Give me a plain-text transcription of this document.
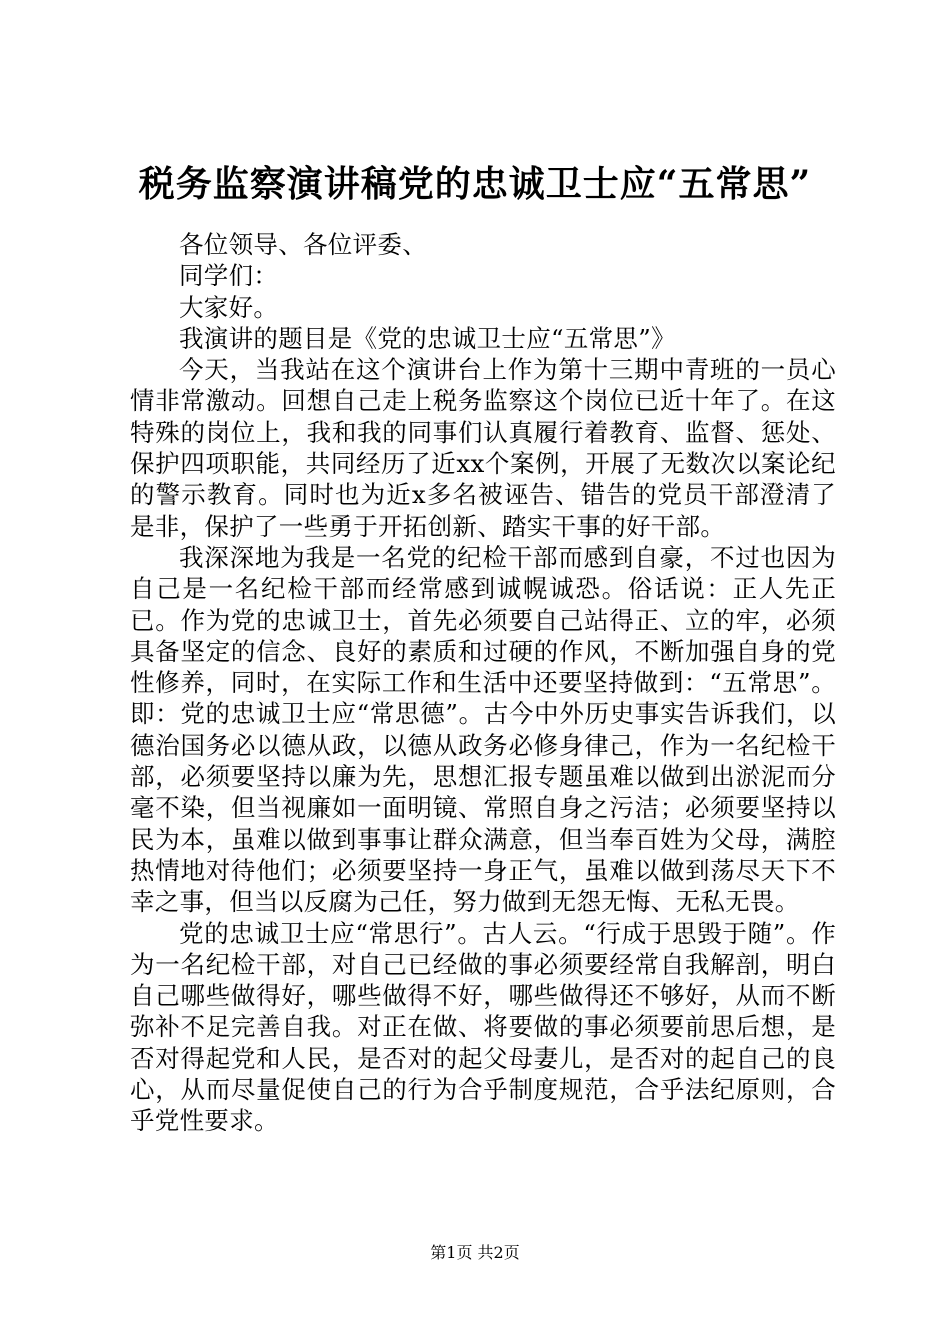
税务监察演讲稿党的忠诚卫士应“五常思”

各位领导、各位评委、

同学们：

大家好。

我演讲的题目是《党的忠诚卫士应“五常思”》

今天，当我站在这个演讲台上作为第十三期中青班的一员心情非常激动。回想自己走上税务监察这个岗位已近十年了。在这特殊的岗位上，我和我的同事们认真履行着教育、监督、惩处、保护四项职能，共同经历了近xx个案例，开展了无数次以案论纪的警示教育。同时也为近x多名被诬告、错告的党员干部澄清了是非，保护了一些勇于开拓创新、踏实干事的好干部。

我深深地为我是一名党的纪检干部而感到自豪，不过也因为自己是一名纪检干部而经常感到诚幌诚恐。俗话说：正人先正已。作为党的忠诚卫士，首先必须要自己站得正、立的牢，必须具备坚定的信念、良好的素质和过硬的作风，不断加强自身的党性修养，同时，在实际工作和生活中还要坚持做到：“五常思”。即：党的忠诚卫士应“常思德”。古今中外历史事实告诉我们，以德治国务必以德从政，以德从政务必修身律己，作为一名纪检干部，必须要坚持以廉为先，思想汇报专题虽难以做到出淤泥而分毫不染，但当视廉如一面明镜、常照自身之污洁；必须要坚持以民为本，虽难以做到事事让群众满意，但当奉百姓为父母，满腔热情地对待他们；必须要坚持一身正气，虽难以做到荡尽天下不幸之事，但当以反腐为己任，努力做到无怨无悔、无私无畏。

党的忠诚卫士应“常思行”。古人云。“行成于思毁于随”。作为一名纪检干部，对自己已经做的事必须要经常自我解剖，明白自己哪些做得好，哪些做得不好，哪些做得还不够好，从而不断弥补不足完善自我。对正在做、将要做的事必须要前思后想，是否对得起党和人民，是否对的起父母妻儿，是否对的起自己的良心，从而尽量促使自己的行为合乎制度规范，合乎法纪原则，合乎党性要求。

第1页 共2页
